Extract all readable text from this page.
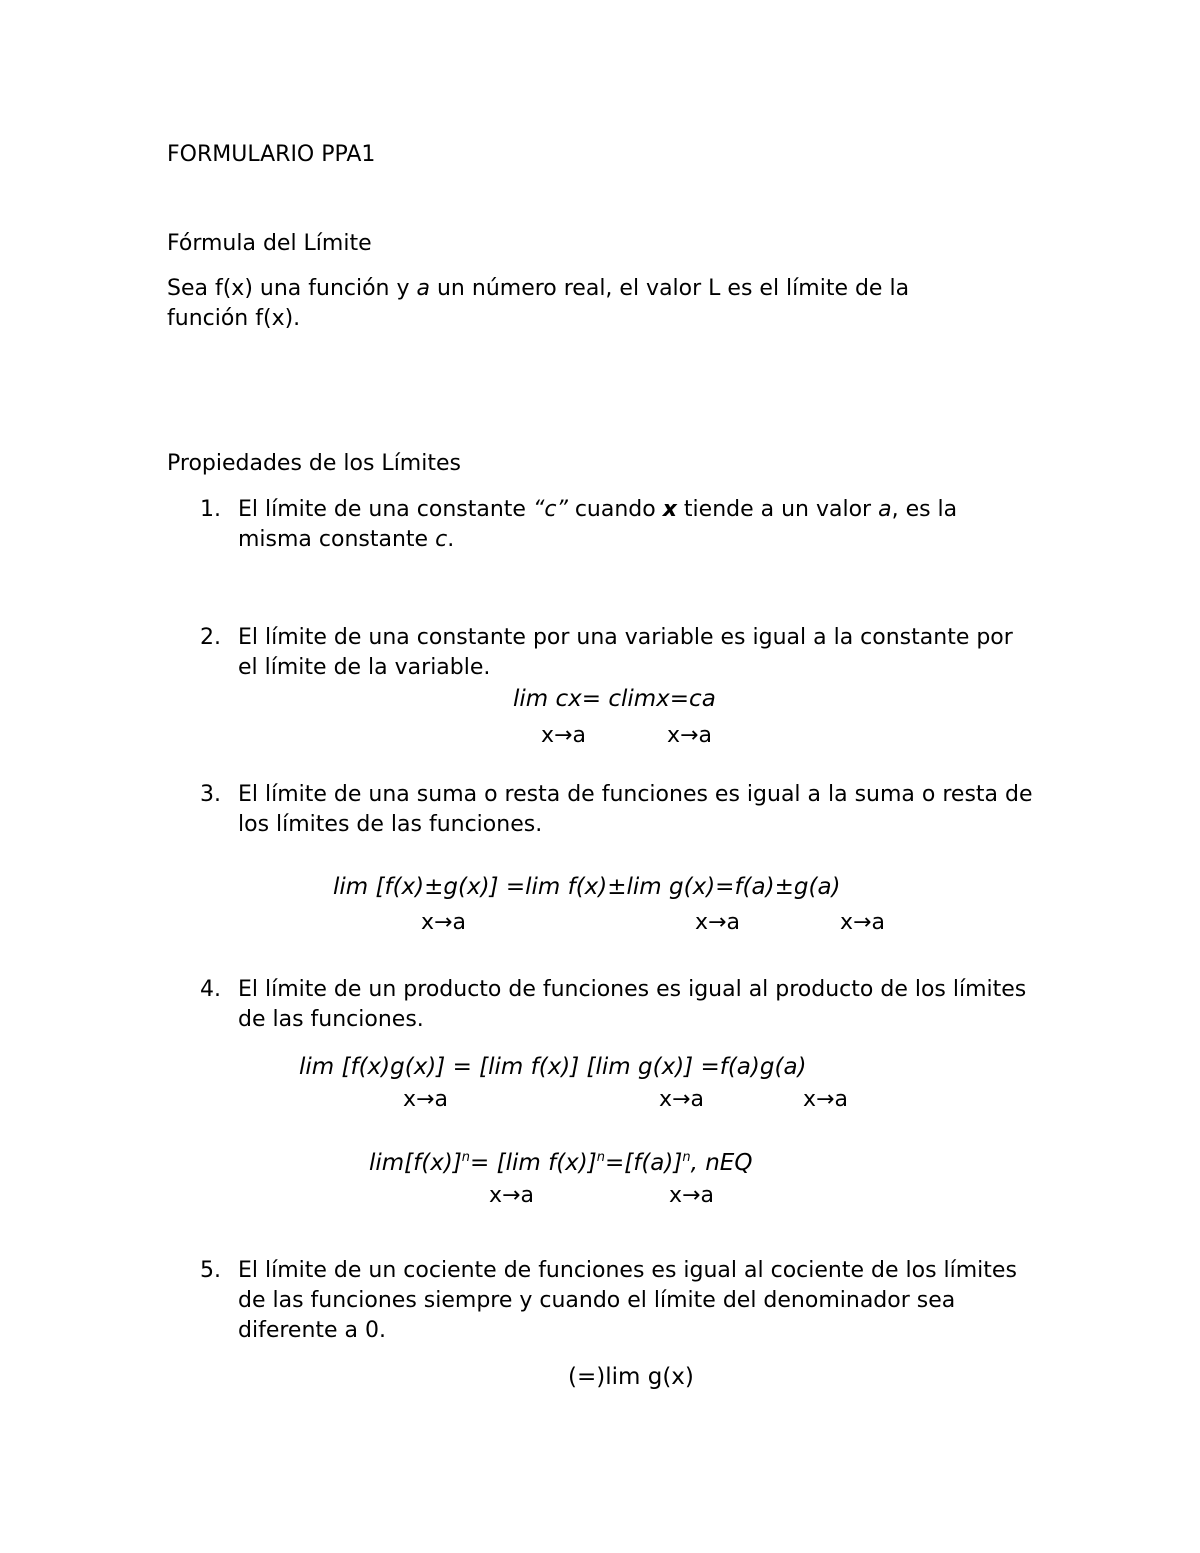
FORMULARIO PPA1
Fórmula del Límite
Sea f(x) una función y a un número real, el valor L es el límite de la función f(x).
Propiedades de los Límites
1. El límite de una constante “c” cuando x tiende a un valor a, es la misma constante c.
2. El límite de una constante por una variable es igual a la constante por el límite de la variable.
lim cx= climx=ca
x→a	x→a
3. El límite de una suma o resta de funciones es igual a la suma o resta de los límites de las funciones.
lim [f(x)±g(x)] =lim f(x)±lim g(x)=f(a)±g(a)
x→a	x→a	x→a
4. El límite de un producto de funciones es igual al producto de los límites de las funciones.
lim [f(x)g(x)] = [lim f(x)] [lim g(x)] =f(a)g(a)
x→a	x→a	x→a
$\lim[f(x)]^n= [\lim$ $f(x)]^n=[f(a)]^n$, nEQ
x→a	x→a
5. El límite de un cociente de funciones es igual al cociente de los límites de las funciones siempre y cuando el límite del denominador sea diferente a 0.
(=)lim g(x)
